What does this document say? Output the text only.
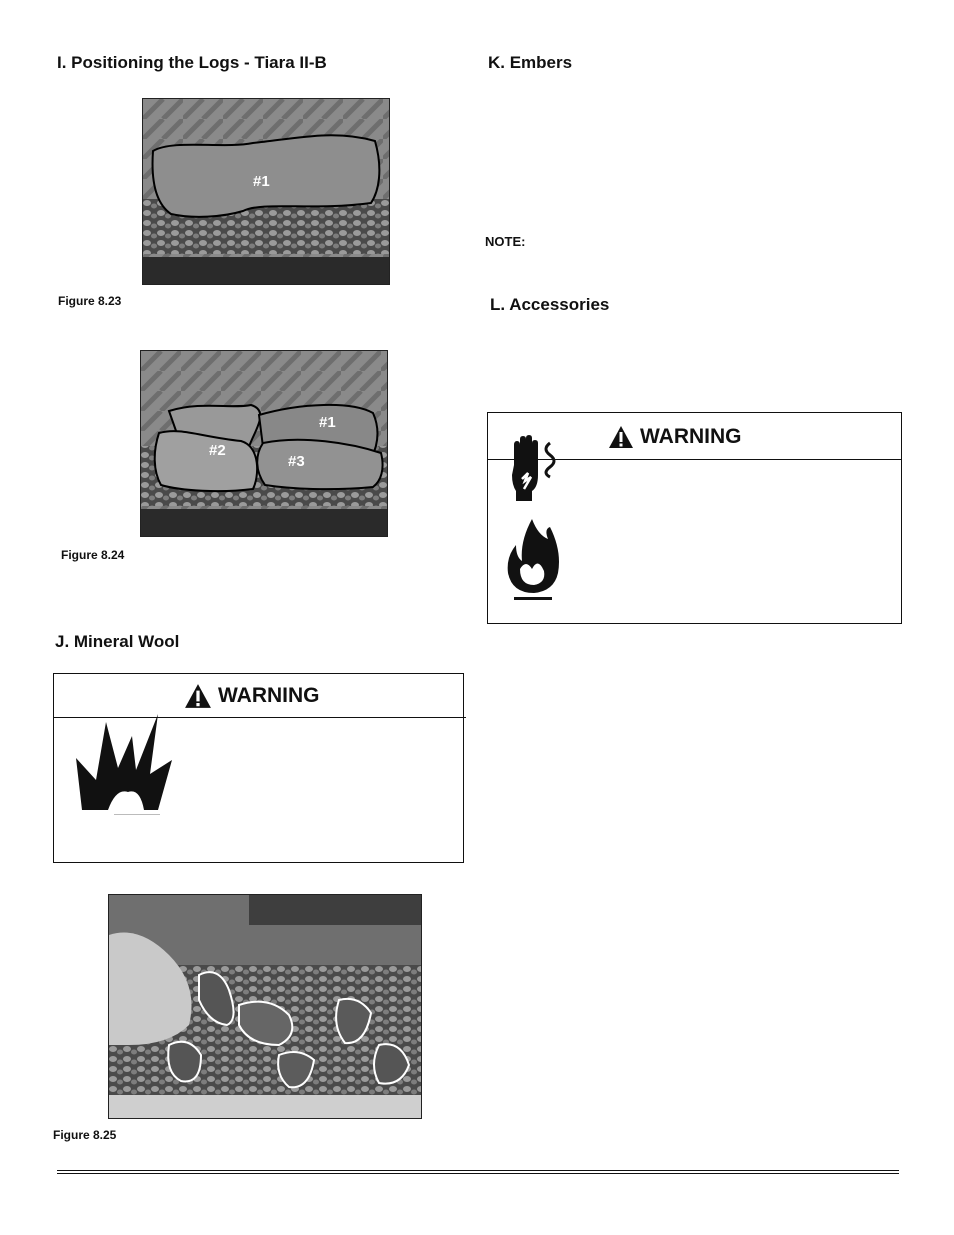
I. Positioning the Logs - Tiara II-B	K. Embers
NOTE:
L. Accessories
J. Mineral Wool
#1
Figure 8.23
#1
#2
#3
Figure 8.24
WARNING
WARNING
Figure 8.25
